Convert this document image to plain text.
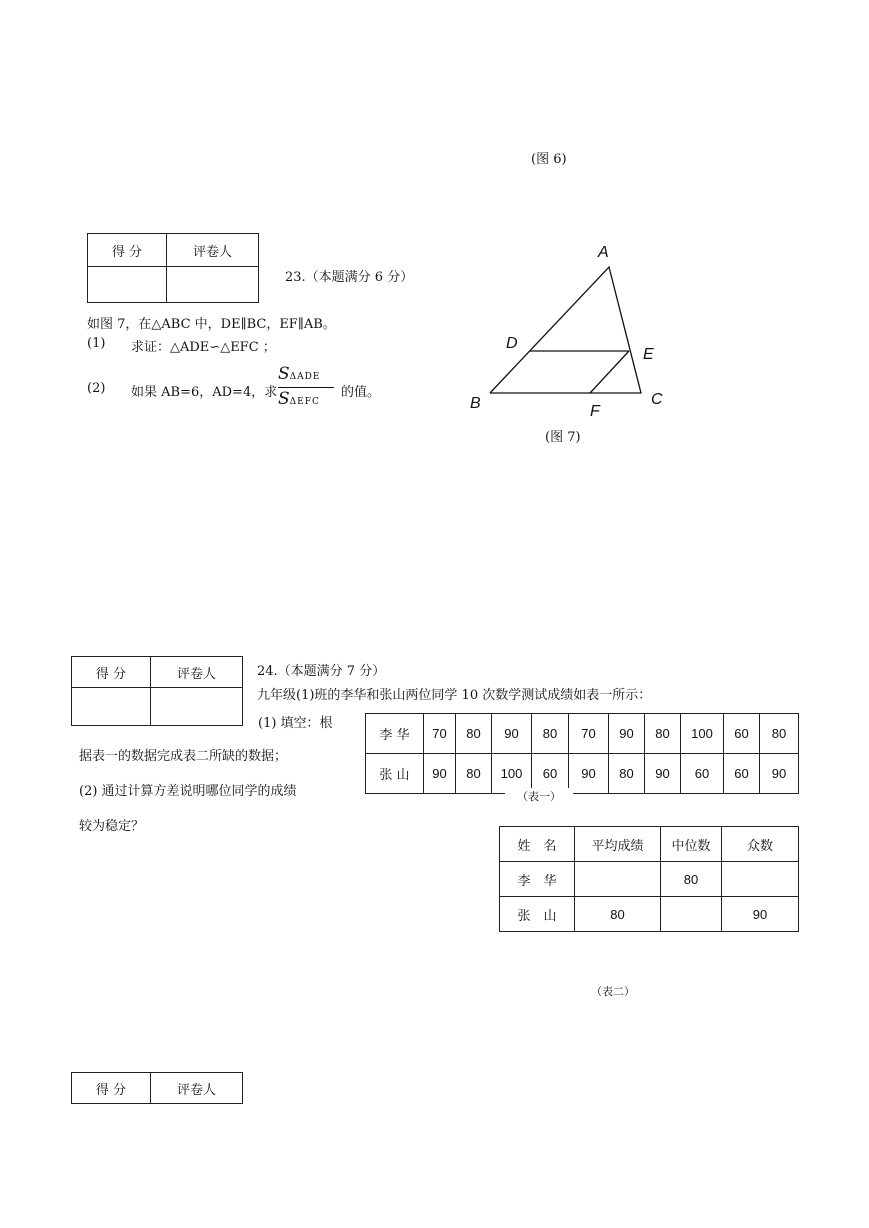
(图 6)
得 分	评卷人

23.（本题满分 6 分）
如图 7，在△ABC 中，DE∥BC，EF∥AB。
(1) 求证：△ADE∽△EFC ；
(2) 如果 AB=6，AD=4，求
SΔADE
SΔEFC
的值。
A
B	C
D
E
F
(图 7)
得 分	评卷人
		24.（本题满分 7 分）
九年级(1)班的李华和张山两位同学 10 次数学测试成绩如表一所示：
(1) 填空：根
据表一的数据完成表二所缺的数据；
(2) 通过计算方差说明哪位同学的成绩
较为稳定？
李 华	70	80	90	80	70	90	80	100	60	80
张 山	90	80	100	60	90	80	90	60	60	90
（表一）
姓　名	平均成绩	中位数	众数
李　华		80	
张　山	80		90
（表二）
得 分	评卷人
